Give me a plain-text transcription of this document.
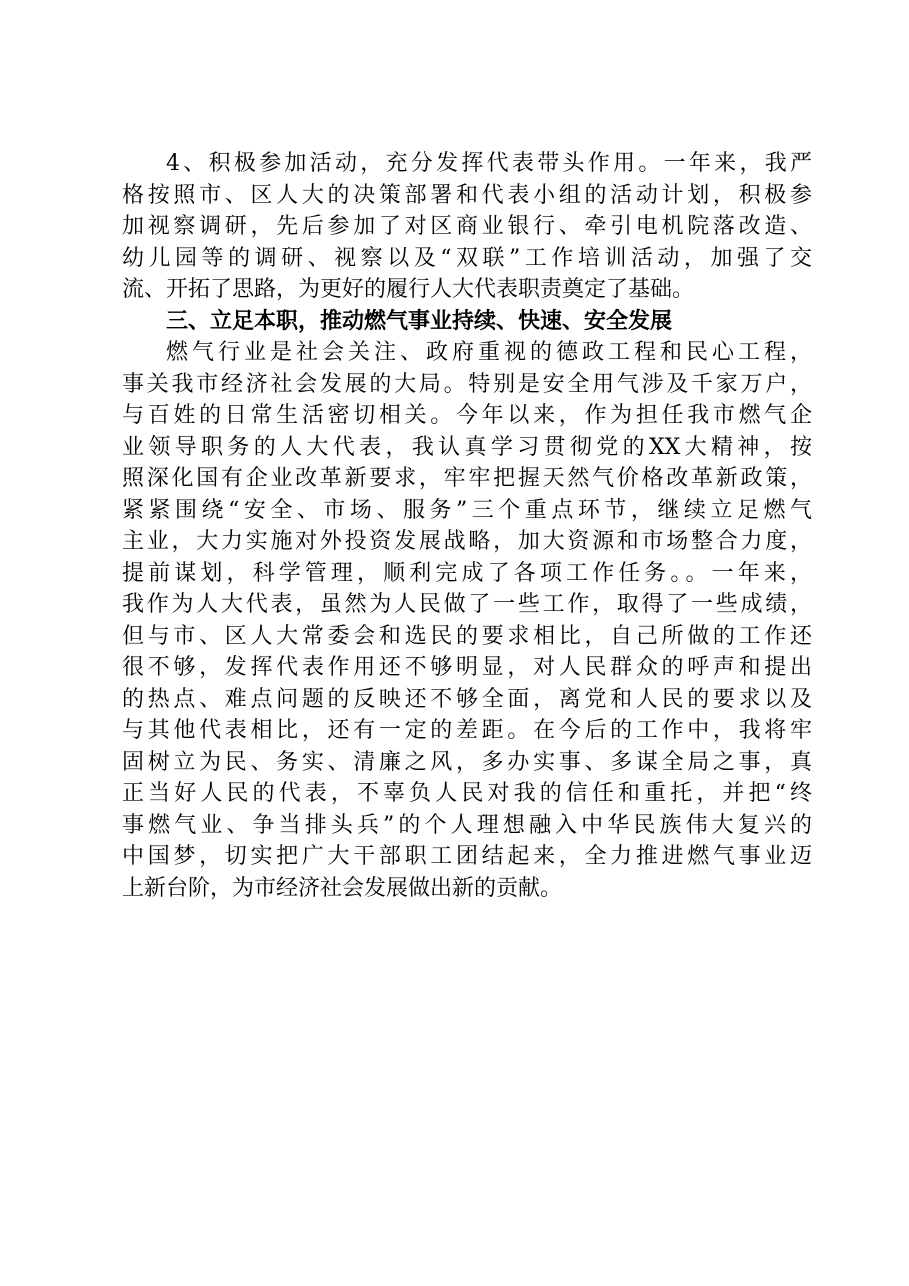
4、积极参加活动，充分发挥代表带头作用。一年来，我严
格按照市、区人大的决策部署和代表小组的活动计划，积极参
加视察调研，先后参加了对区商业银行、牵引电机院落改造、
幼儿园等的调研、视察以及“双联”工作培训活动，加强了交
流、开拓了思路，为更好的履行人大代表职责奠定了基础。
三、立足本职，推动燃气事业持续、快速、安全发展
燃气行业是社会关注、政府重视的德政工程和民心工程，
事关我市经济社会发展的大局。特别是安全用气涉及千家万户，
与百姓的日常生活密切相关。今年以来，作为担任我市燃气企
业领导职务的人大代表，我认真学习贯彻党的XX大精神，按
照深化国有企业改革新要求，牢牢把握天然气价格改革新政策，
紧紧围绕“安全、市场、服务”三个重点环节，继续立足燃气
主业，大力实施对外投资发展战略，加大资源和市场整合力度，
提前谋划，科学管理，顺利完成了各项工作任务。。一年来，
我作为人大代表，虽然为人民做了一些工作，取得了一些成绩，
但与市、区人大常委会和选民的要求相比，自己所做的工作还
很不够，发挥代表作用还不够明显，对人民群众的呼声和提出
的热点、难点问题的反映还不够全面，离党和人民的要求以及
与其他代表相比，还有一定的差距。在今后的工作中，我将牢
固树立为民、务实、清廉之风，多办实事、多谋全局之事，真
正当好人民的代表，不辜负人民对我的信任和重托，并把“终
事燃气业、争当排头兵”的个人理想融入中华民族伟大复兴的
中国梦，切实把广大干部职工团结起来，全力推进燃气事业迈
上新台阶，为市经济社会发展做出新的贡献。
